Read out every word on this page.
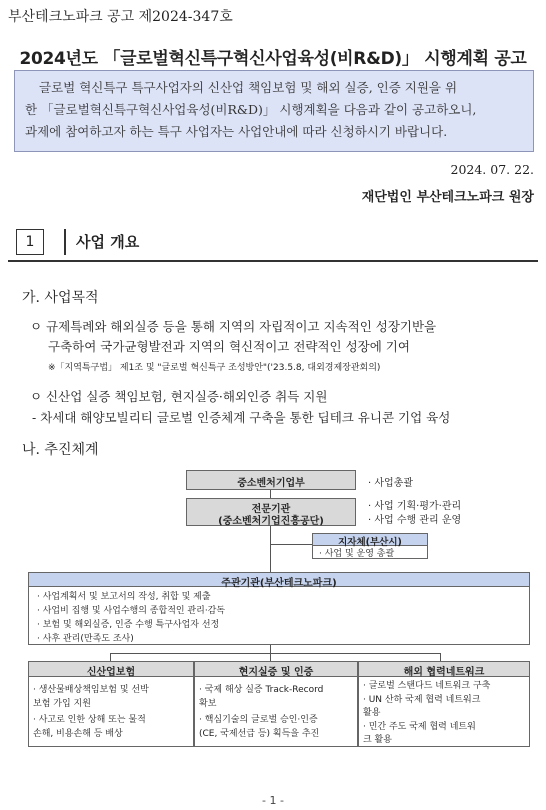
부산테크노파크 공고 제2024-347호
2024년도 「글로벌혁신특구혁신사업육성(비R&D)」 시행계획 공고

글로벌 혁신특구 특구사업자의 신산업 책임보험 및 해외 실증, 인증 지원을 위

한 「글로벌혁신특구혁신사업육성(비R&D)」 시행계획을 다음과 같이 공고하오니,

과제에 참여하고자 하는 특구 사업자는 사업안내에 따라 신청하시기 바랍니다.

2024. 07. 22.
재단법인 부산테크노파크 원장
1	사업 개요
가. 사업목적
ㅇ 규제특례와 해외실증 등을 통해 지역의 자립적이고 지속적인 성장기반을
구축하여 국가균형발전과 지역의 혁신적이고 전략적인 성장에 기여
※「지역특구법」 제1조 및 "글로벌 혁신특구 조성방안"('23.5.8, 대외경제장관회의)
ㅇ 신산업 실증 책임보험, 현지실증·해외인증 취득 지원
- 차세대 해양모빌리티 글로벌 인증체계 구축을 통한 딥테크 유니콘 기업 육성
나. 추진체계
중소벤처기업부	· 사업총괄
전문기관
(중소벤처기업진흥공단)
· 사업 기획·평가·관리
· 사업 수행 관리 운영
지자체(부산시)
· 사업 및 운영 총괄
주관기관(부산테크노파크)
· 사업계획서 및 보고서의 작성, 취합 및 제출
· 사업비 집행 및 사업수행의 종합적인 관리·감독
· 보험 및 해외실증, 인증 수행 특구사업자 선정
· 사후 관리(만족도 조사)
신산업보험
· 생산물배상책임보험 및 선박
보험 가입 지원
· 사고로 인한 상해 또는 물적
손해, 비용손해 등 배상
현지실증 및 인증
· 국제 해상 실증 Track-Record
확보
· 핵심기술의 글로벌 승인·인증
(CE, 국제선급 등) 획득을 추진
해외 협력네트워크
· 글로벌 스탠다드 네트워크 구축
· UN 산하 국제 협력 네트워크
활용
· 민간 주도 국제 협력 네트워
크 활용
- 1 -
